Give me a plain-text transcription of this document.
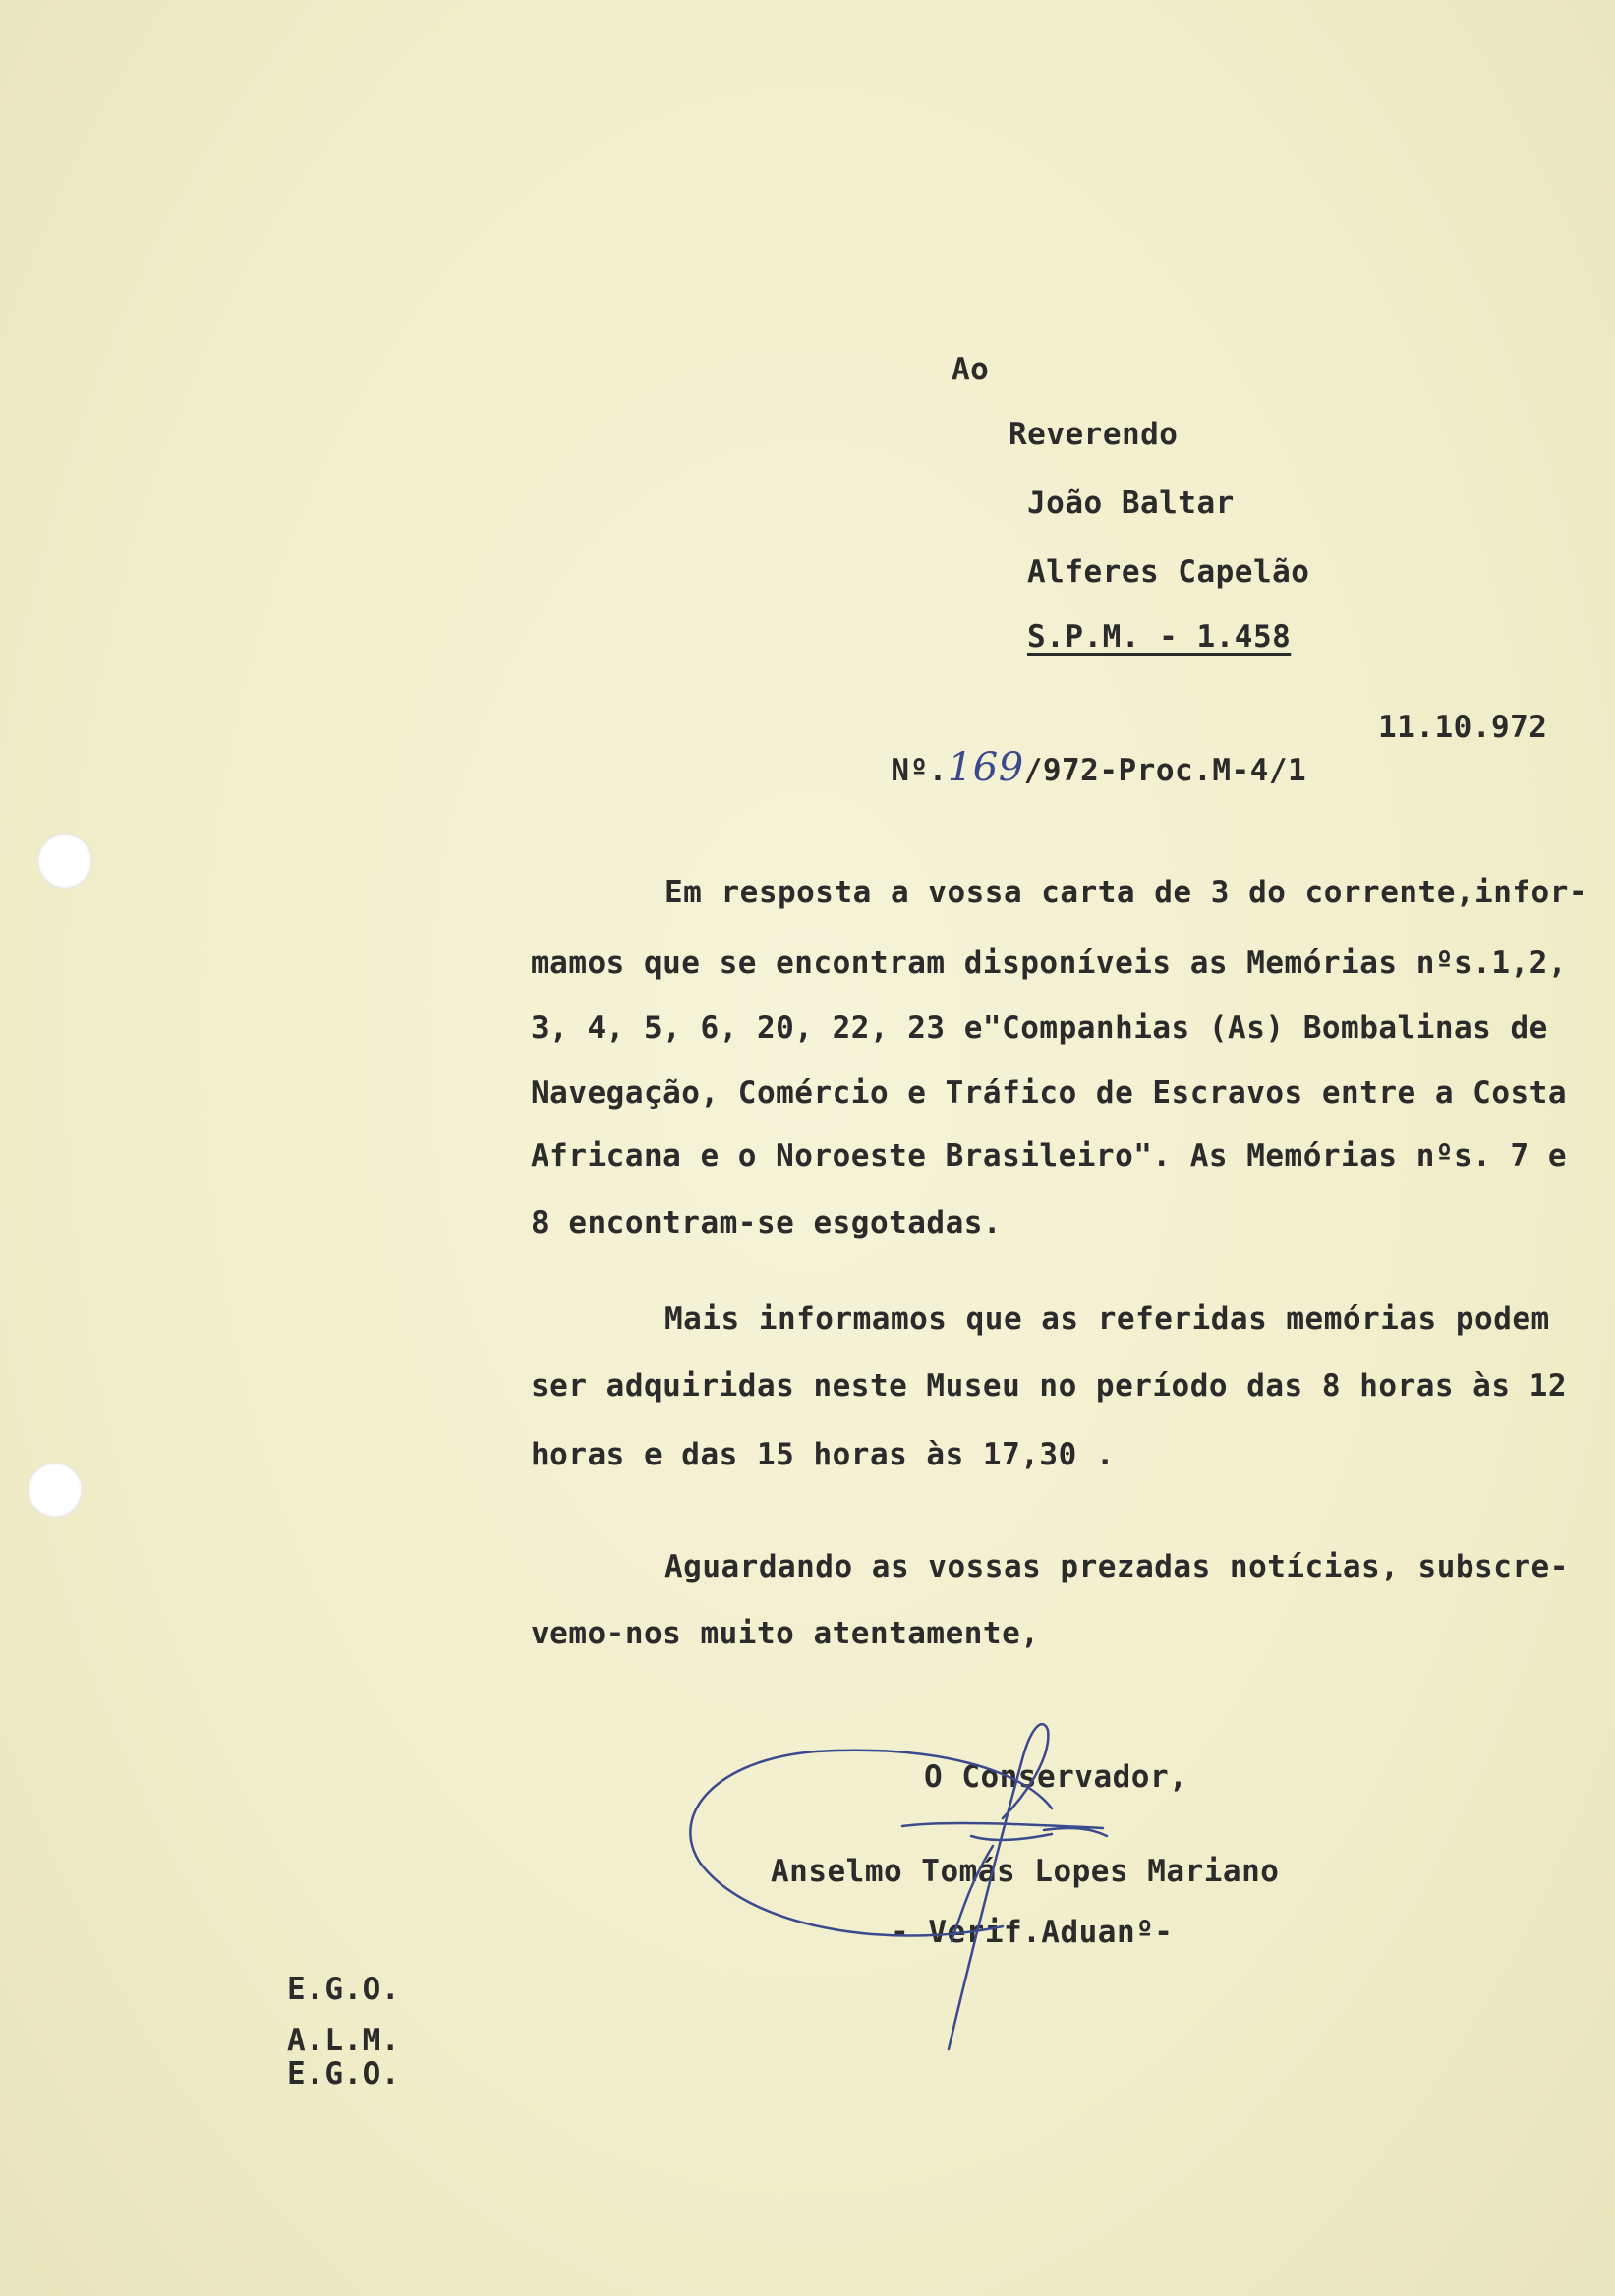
Ao
Reverendo
João Baltar
Alferes Capelão
S.P.M. - 1.458

Nº.169/972-Proc.M-4/1

11.10.972
Em resposta a vossa carta de 3 do corrente,infor-
mamos que se encontram disponíveis as Memórias nºs.1,2,
3, 4, 5, 6, 20, 22, 23 e"Companhias (As) Bombalinas de
Navegação, Comércio e Tráfico de Escravos entre a Costa
Africana e o Noroeste Brasileiro". As Memórias nºs. 7 e
8 encontram-se esgotadas.
Mais informamos que as referidas memórias podem
ser adquiridas neste Museu no período das 8 horas às 12
horas e das 15 horas às 17,30 .
Aguardando as vossas prezadas notícias, subscre-
vemo-nos muito atentamente,
O Conservador,
Anselmo Tomás Lopes Mariano
- Verif.Aduanº-
E.G.O.
A.L.M.
E.G.O.
